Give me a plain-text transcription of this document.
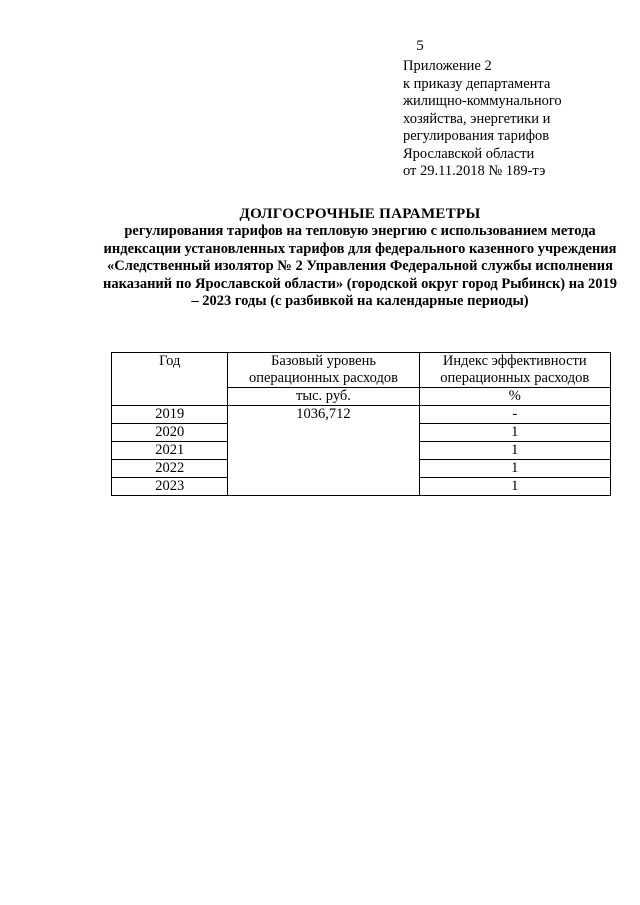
5
Приложение 2
к приказу департамента
жилищно-коммунального
хозяйства, энергетики и
регулирования тарифов
Ярославской области
от 29.11.2018 № 189-тэ
ДОЛГОСРОЧНЫЕ ПАРАМЕТРЫ
регулирования тарифов на тепловую энергию с использованием метода индексации установленных тарифов для федерального казенного учреждения «Следственный изолятор № 2 Управления Федеральной службы исполнения наказаний по Ярославской области» (городской округ город Рыбинск) на 2019 – 2023 годы (с разбивкой на календарные периоды)
Год	Базовый уровень операционных расходов	Индекс эффективности операционных расходов
	тыс. руб.	%
2019	1036,712	-
2020		1
2021		1
2022		1
2023		1
